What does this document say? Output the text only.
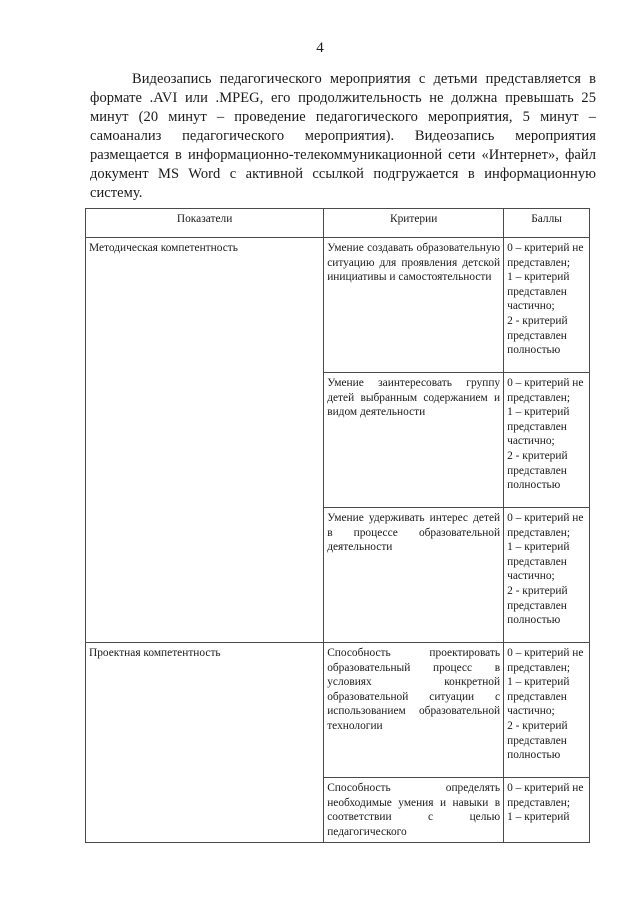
4

Видеозапись педагогического мероприятия с детьми представляется в формате .AVI или .MPEG, его продолжительность не должна превышать 25 минут (20 минут – проведение педагогического мероприятия, 5 минут – самоанализ педагогического мероприятия). Видеозапись мероприятия размещается в информационно-телекоммуникационной сети «Интернет», файл документ MS Word с активной ссылкой подгружается в информационную систему.

Показатели	Критерии	Баллы
Методическая компетентность	Умение создавать образовательную ситуацию для проявления детской инициативы и самостоятельности	0 – критерий не представлен;
1 – критерий представлен частично;
2 - критерий представлен полностью

	Умение заинтересовать группу детей выбранным содержанием и видом деятельности	0 – критерий не представлен;
1 – критерий представлен частично;
2 - критерий представлен полностью

	Умение удерживать интерес детей в процессе образовательной деятельности	0 – критерий не представлен;
1 – критерий представлен частично;
2 - критерий представлен полностью

Проектная компетентность	Способность проектировать образовательный процесс в условиях конкретной образовательной ситуации с использованием образовательной технологии	0 – критерий не представлен;
1 – критерий представлен частично;
2 - критерий представлен полностью

	Способность определять необходимые умения и навыки в соответствии с целью педагогического	0 – критерий не
представлен;
1 – критерий
